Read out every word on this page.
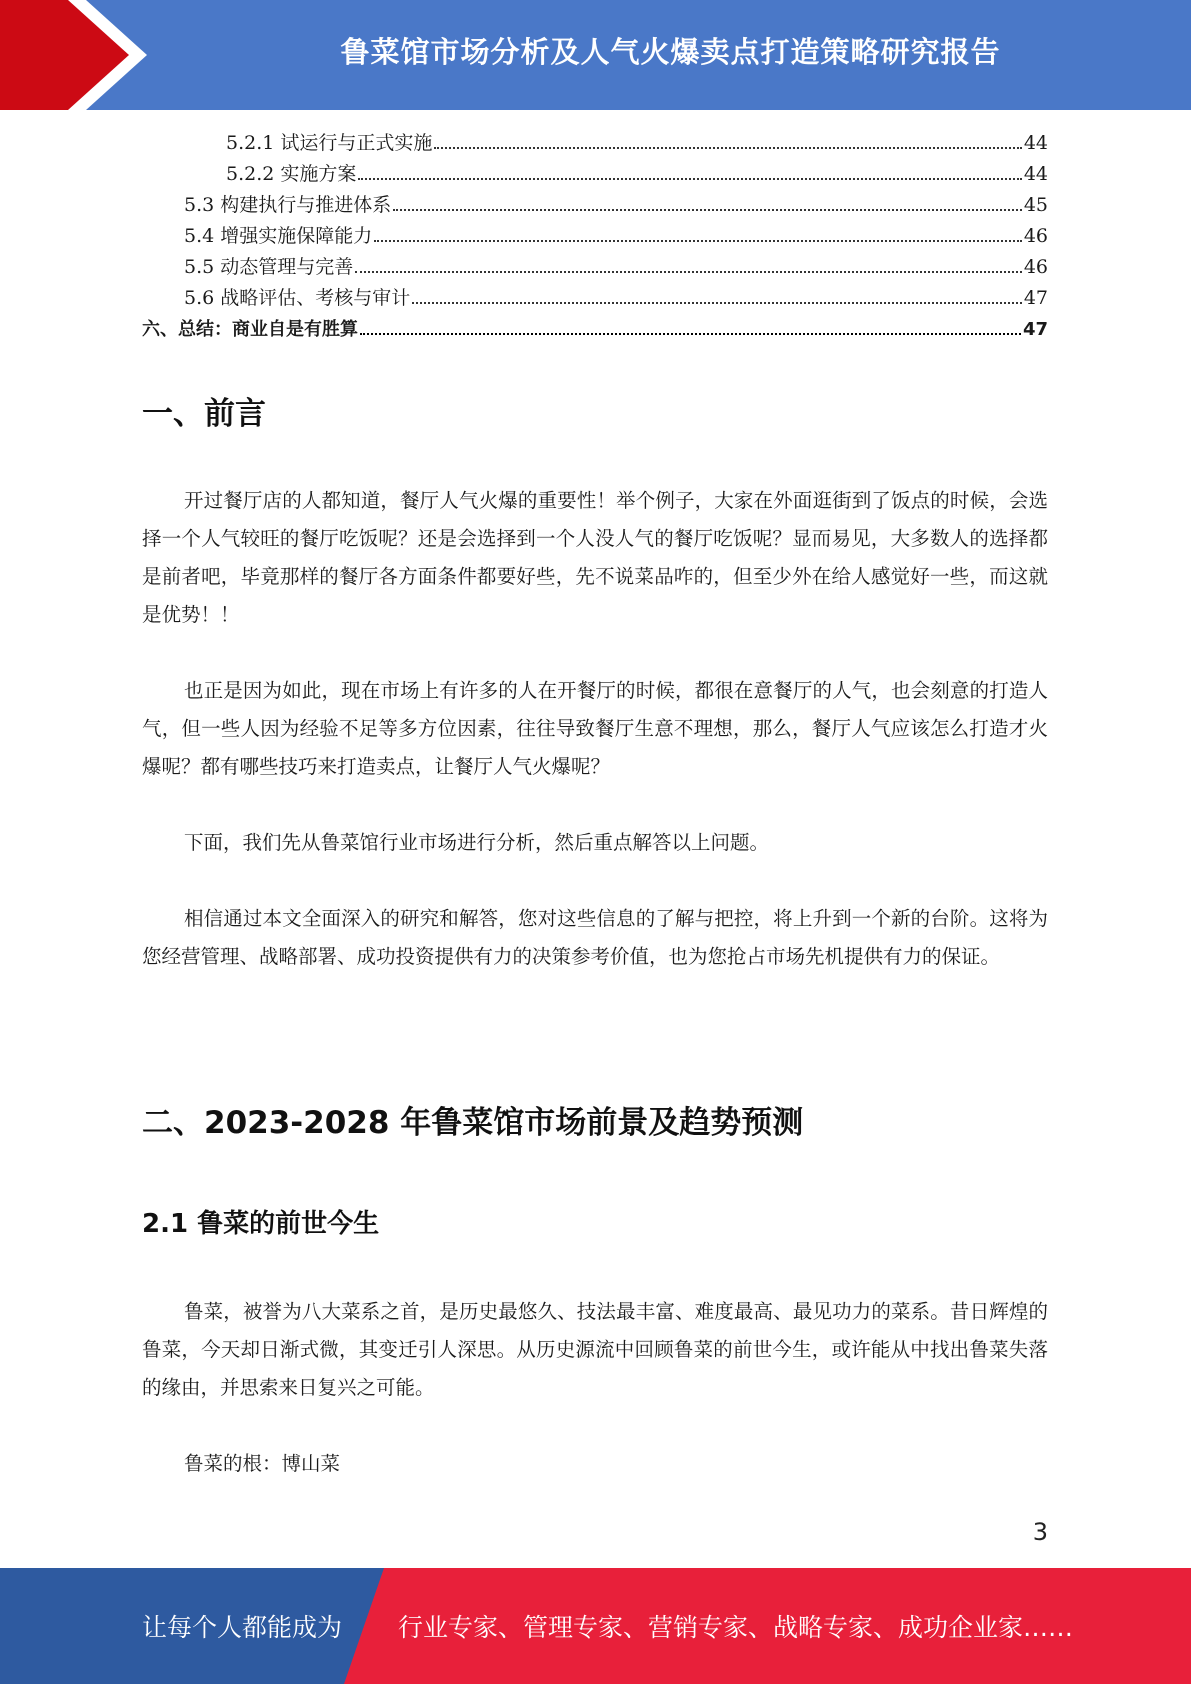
鲁菜馆市场分析及人气火爆卖点打造策略研究报告
5.2.1 试运行与正式实施	44
5.2.2 实施方案	44
5.3 构建执行与推进体系	45
5.4 增强实施保障能力	46
5.5 动态管理与完善	46
5.6 战略评估、考核与审计	47
六、总结：商业自是有胜算	47
一、前言

开过餐厅店的人都知道，餐厅人气火爆的重要性！举个例子，大家在外面逛街到了饭点的时候，会选择一个人气较旺的餐厅吃饭呢？还是会选择到一个人没人气的餐厅吃饭呢？显而易见，大多数人的选择都是前者吧，毕竟那样的餐厅各方面条件都要好些，先不说菜品咋的，但至少外在给人感觉好一些，而这就是优势！！

也正是因为如此，现在市场上有许多的人在开餐厅的时候，都很在意餐厅的人气，也会刻意的打造人气，但一些人因为经验不足等多方位因素，往往导致餐厅生意不理想，那么，餐厅人气应该怎么打造才火爆呢？都有哪些技巧来打造卖点，让餐厅人气火爆呢？

下面，我们先从鲁菜馆行业市场进行分析，然后重点解答以上问题。

相信通过本文全面深入的研究和解答，您对这些信息的了解与把控，将上升到一个新的台阶。这将为您经营管理、战略部署、成功投资提供有力的决策参考价值，也为您抢占市场先机提供有力的保证。

二、2023-2028 年鲁菜馆市场前景及趋势预测
2.1 鲁菜的前世今生

鲁菜，被誉为八大菜系之首，是历史最悠久、技法最丰富、难度最高、最见功力的菜系。昔日辉煌的鲁菜，今天却日渐式微，其变迁引人深思。从历史源流中回顾鲁菜的前世今生，或许能从中找出鲁菜失落的缘由，并思索来日复兴之可能。

鲁菜的根：博山菜

3
让每个人都能成为 行业专家、管理专家、营销专家、战略专家、成功企业家……
